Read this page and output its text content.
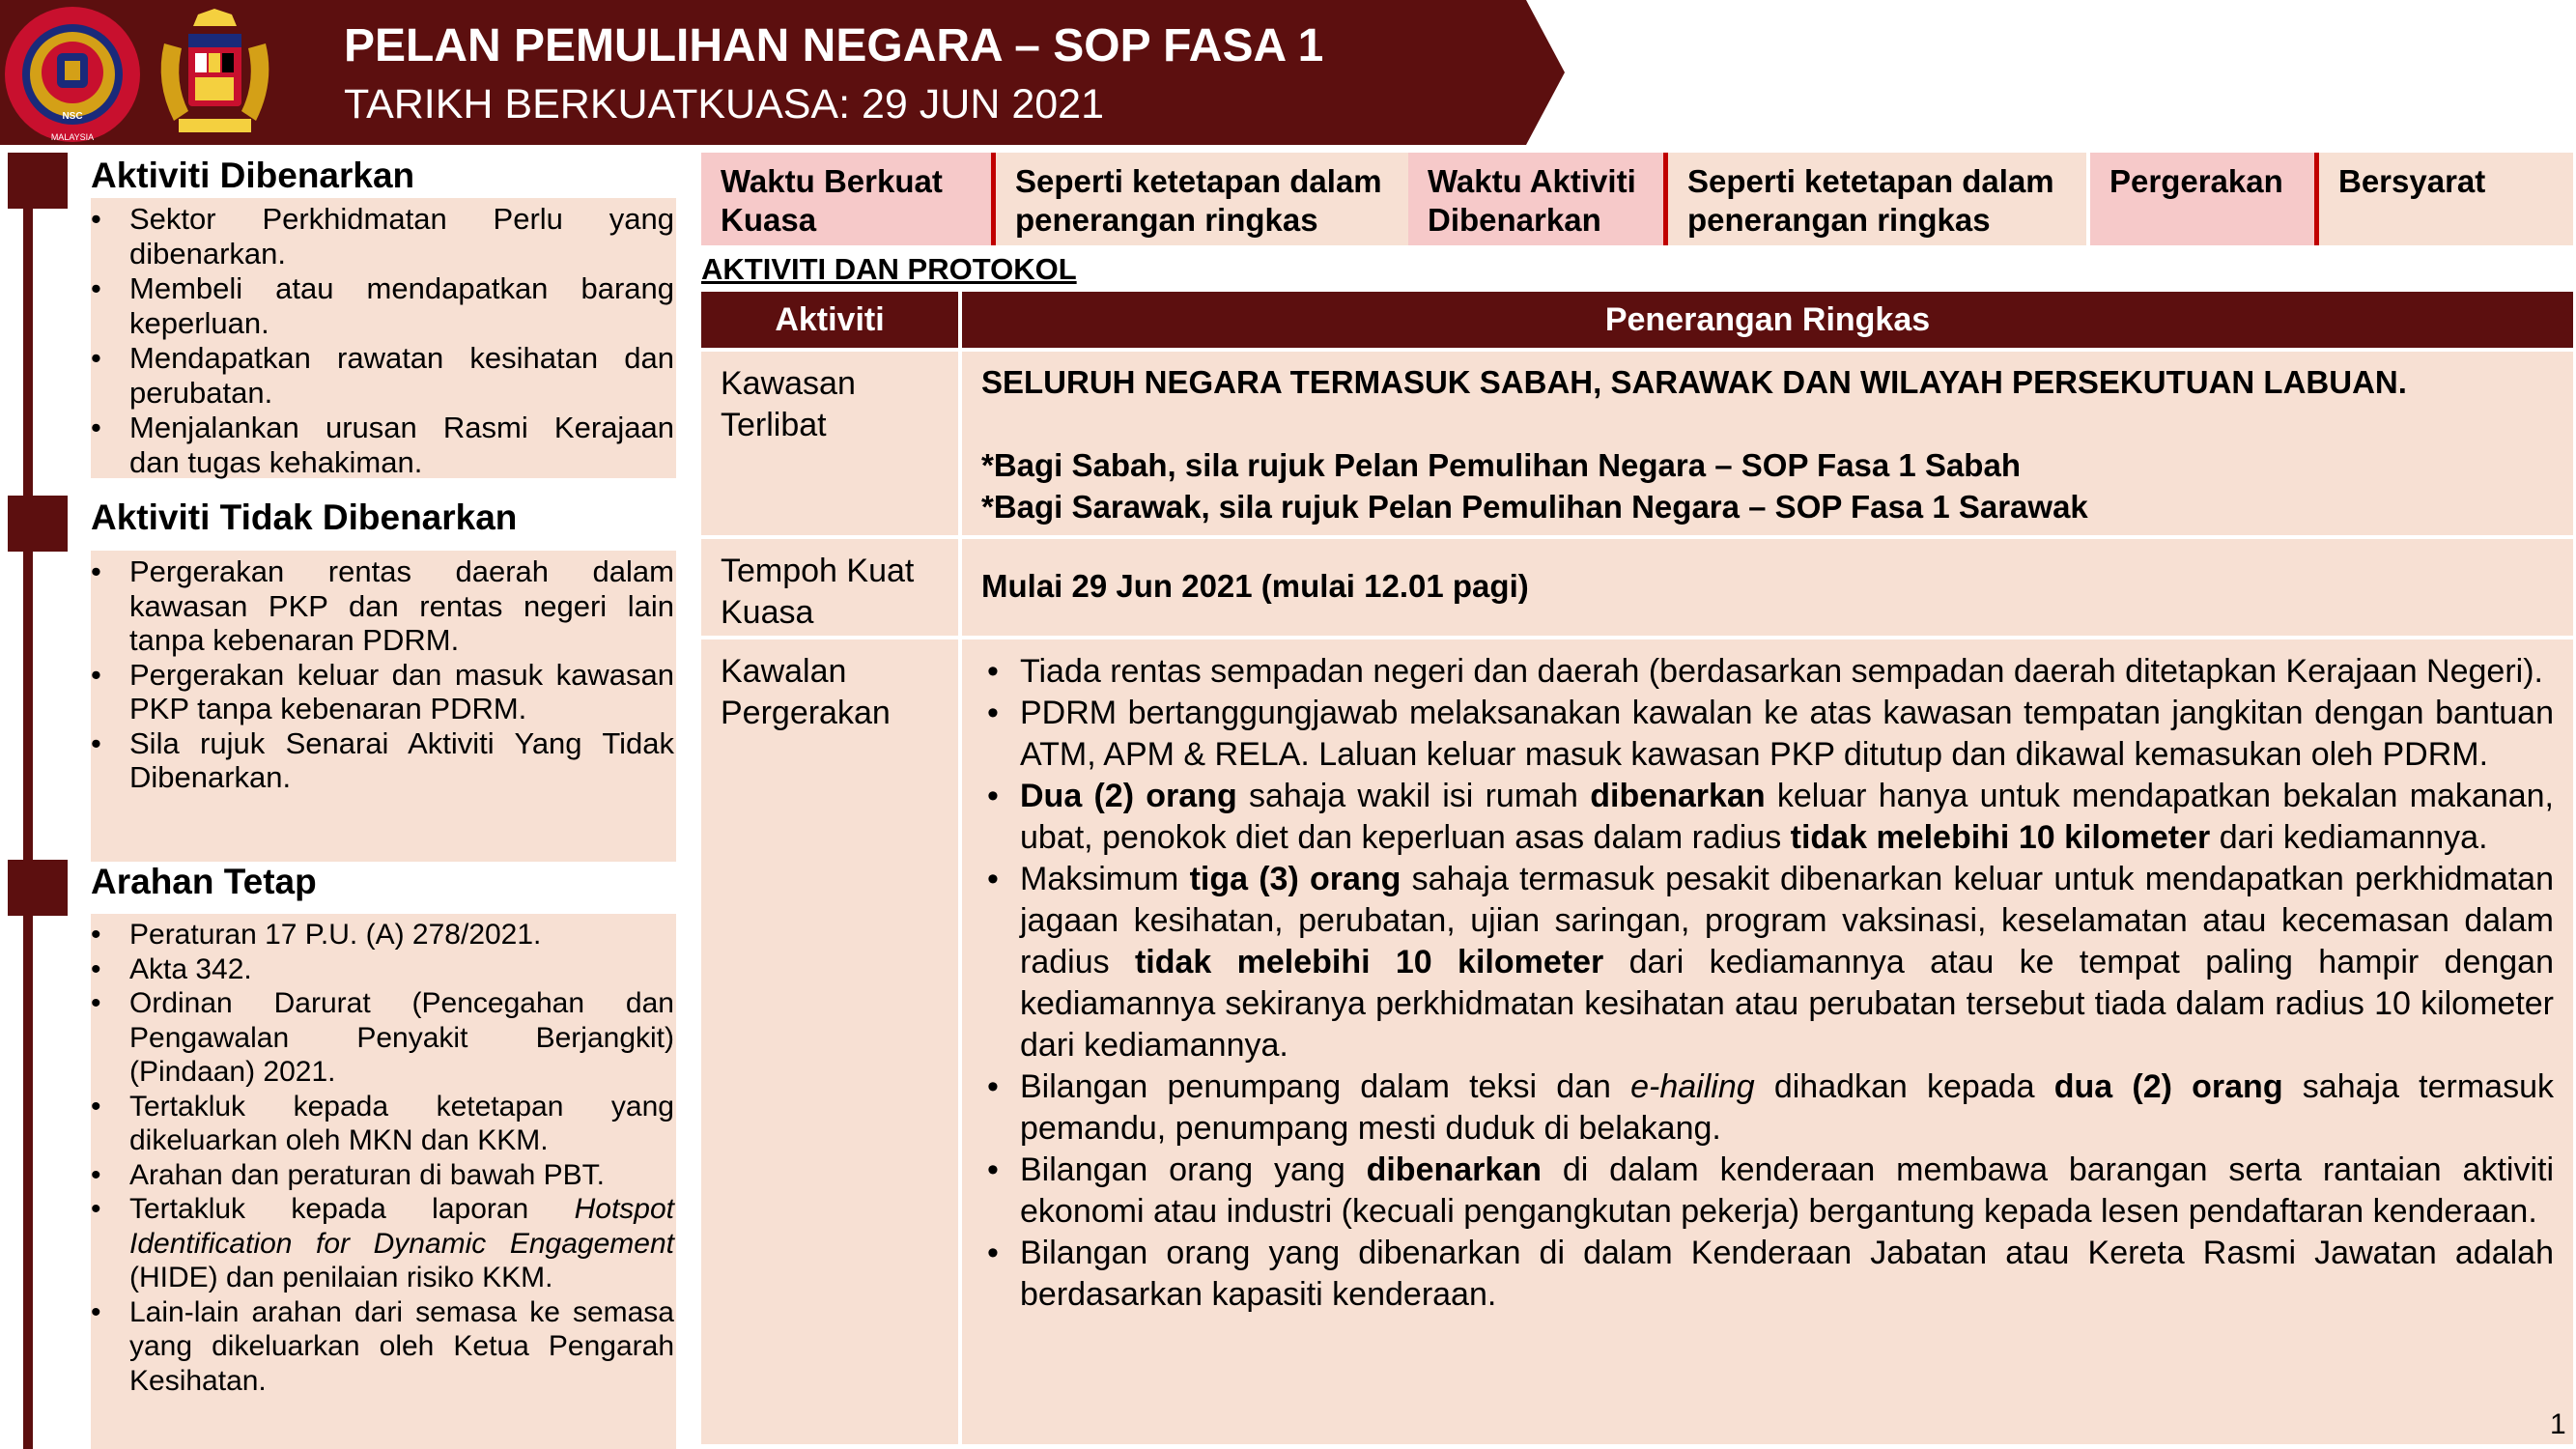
NSC
MALAYSIA
PELAN PEMULIHAN NEGARA – SOP FASA 1
TARIKH BERKUATKUASA: 29 JUN 2021
Aktiviti Dibenarkan
• Sektor Perkhidmatan Perlu yang dibenarkan.
• Membeli atau mendapatkan barang keperluan.
• Mendapatkan rawatan kesihatan dan perubatan.
• Menjalankan urusan Rasmi Kerajaan dan tugas kehakiman.
Aktiviti Tidak Dibenarkan
• Pergerakan rentas daerah dalam kawasan PKP dan rentas negeri lain tanpa kebenaran PDRM.
• Pergerakan keluar dan masuk kawasan PKP tanpa kebenaran PDRM.
• Sila rujuk Senarai Aktiviti Yang Tidak Dibenarkan.
Arahan Tetap
• Peraturan 17 P.U. (A) 278/2021.
• Akta 342.
• Ordinan Darurat (Pencegahan dan Pengawalan Penyakit Berjangkit) (Pindaan) 2021.
• Tertakluk kepada ketetapan yang dikeluarkan oleh MKN dan KKM.
• Arahan dan peraturan di bawah PBT.
• Tertakluk kepada laporan Hotspot Identification for Dynamic Engagement (HIDE) dan penilaian risiko KKM.
• Lain-lain arahan dari semasa ke semasa yang dikeluarkan oleh Ketua Pengarah Kesihatan.
Waktu Berkuat Kuasa
Seperti ketetapan dalam penerangan ringkas
Waktu Aktiviti Dibenarkan
Seperti ketetapan dalam penerangan ringkas
Pergerakan	Bersyarat
AKTIVITI DAN PROTOKOL
Aktiviti	Penerangan Ringkas
Kawasan Terlibat
SELURUH NEGARA TERMASUK SABAH, SARAWAK DAN WILAYAH PERSEKUTUAN LABUAN.
*Bagi Sabah, sila rujuk Pelan Pemulihan Negara – SOP Fasa 1 Sabah
*Bagi Sarawak, sila rujuk Pelan Pemulihan Negara – SOP Fasa 1 Sarawak
Tempoh Kuat Kuasa
Mulai 29 Jun 2021 (mulai 12.01 pagi)
Kawalan Pergerakan
• Tiada rentas sempadan negeri dan daerah (berdasarkan sempadan daerah ditetapkan Kerajaan Negeri).
• PDRM bertanggungjawab melaksanakan kawalan ke atas kawasan tempatan jangkitan dengan bantuan ATM, APM & RELA. Laluan keluar masuk kawasan PKP ditutup dan dikawal kemasukan oleh PDRM.
• Dua (2) orang sahaja wakil isi rumah dibenarkan keluar hanya untuk mendapatkan bekalan makanan, ubat, penokok diet dan keperluan asas dalam radius tidak melebihi 10 kilometer dari kediamannya.
• Maksimum tiga (3) orang sahaja termasuk pesakit dibenarkan keluar untuk mendapatkan perkhidmatan jagaan kesihatan, perubatan, ujian saringan, program vaksinasi, keselamatan atau kecemasan dalam radius tidak melebihi 10 kilometer dari kediamannya atau ke tempat paling hampir dengan kediamannya sekiranya perkhidmatan kesihatan atau perubatan tersebut tiada dalam radius 10 kilometer dari kediamannya.
• Bilangan penumpang dalam teksi dan e-hailing dihadkan kepada dua (2) orang sahaja termasuk pemandu, penumpang mesti duduk di belakang.
• Bilangan orang yang dibenarkan di dalam kenderaan membawa barangan serta rantaian aktiviti ekonomi atau industri (kecuali pengangkutan pekerja) bergantung kepada lesen pendaftaran kenderaan.
• Bilangan orang yang dibenarkan di dalam Kenderaan Jabatan atau Kereta Rasmi Jawatan adalah berdasarkan kapasiti kenderaan.
1
